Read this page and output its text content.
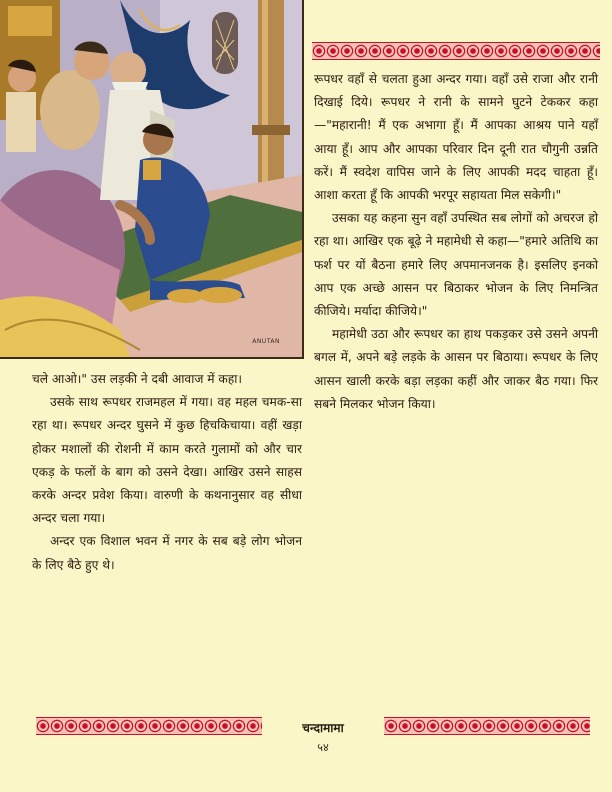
ANUTAN

रूपधर वहाँ से चलता हुआ अन्दर गया। वहाँ उसे राजा और रानी दिखाई दिये। रूपधर ने रानी के सामने घुटने टेककर कहा—"महारानी! मैं एक अभागा हूँ। मैं आपका आश्रय पाने यहाँ आया हूँ। आप और आपका परिवार दिन दूनी रात चौगुनी उन्नति करें। मैं स्वदेश वापिस जाने के लिए आपकी मदद चाहता हूँ। आशा करता हूँ कि आपकी भरपूर सहायता मिल सकेगी।"

उसका यह कहना सुन वहाँ उपस्थित सब लोगों को अचरज हो रहा था। आखिर एक बूढ़े ने महामेधी से कहा—"हमारे अतिथि का फर्श पर यों बैठना हमारे लिए अपमानजनक है। इसलिए इनको आप एक अच्छे आसन पर बिठाकर भोजन के लिए निमन्त्रित कीजिये। मर्यादा कीजिये।"

महामेधी उठा और रूपधर का हाथ पकड़कर उसे उसने अपनी बगल में, अपने बड़े लड़के के आसन पर बिठाया। रूपधर के लिए आसन खाली करके बड़ा लड़का कहीं और जाकर बैठ गया। फिर सबने मिलकर भोजन किया।

चले आओ।" उस लड़की ने दबी आवाज में कहा।

उसके साथ रूपधर राजमहल में गया। वह महल चमक-सा रहा था। रूपधर अन्दर घुसने में कुछ हिचकिचाया। वहीं खड़ा होकर मशालों की रोशनी में काम करते गुलामों को और चार एकड़ के फलों के बाग को उसने देखा। आखिर उसने साहस करके अन्दर प्रवेश किया। वारुणी के कथनानुसार वह सीधा अन्दर चला गया।

अन्दर एक विशाल भवन में नगर के सब बड़े लोग भोजन के लिए बैठे हुए थे।

चन्दामामा
५४
